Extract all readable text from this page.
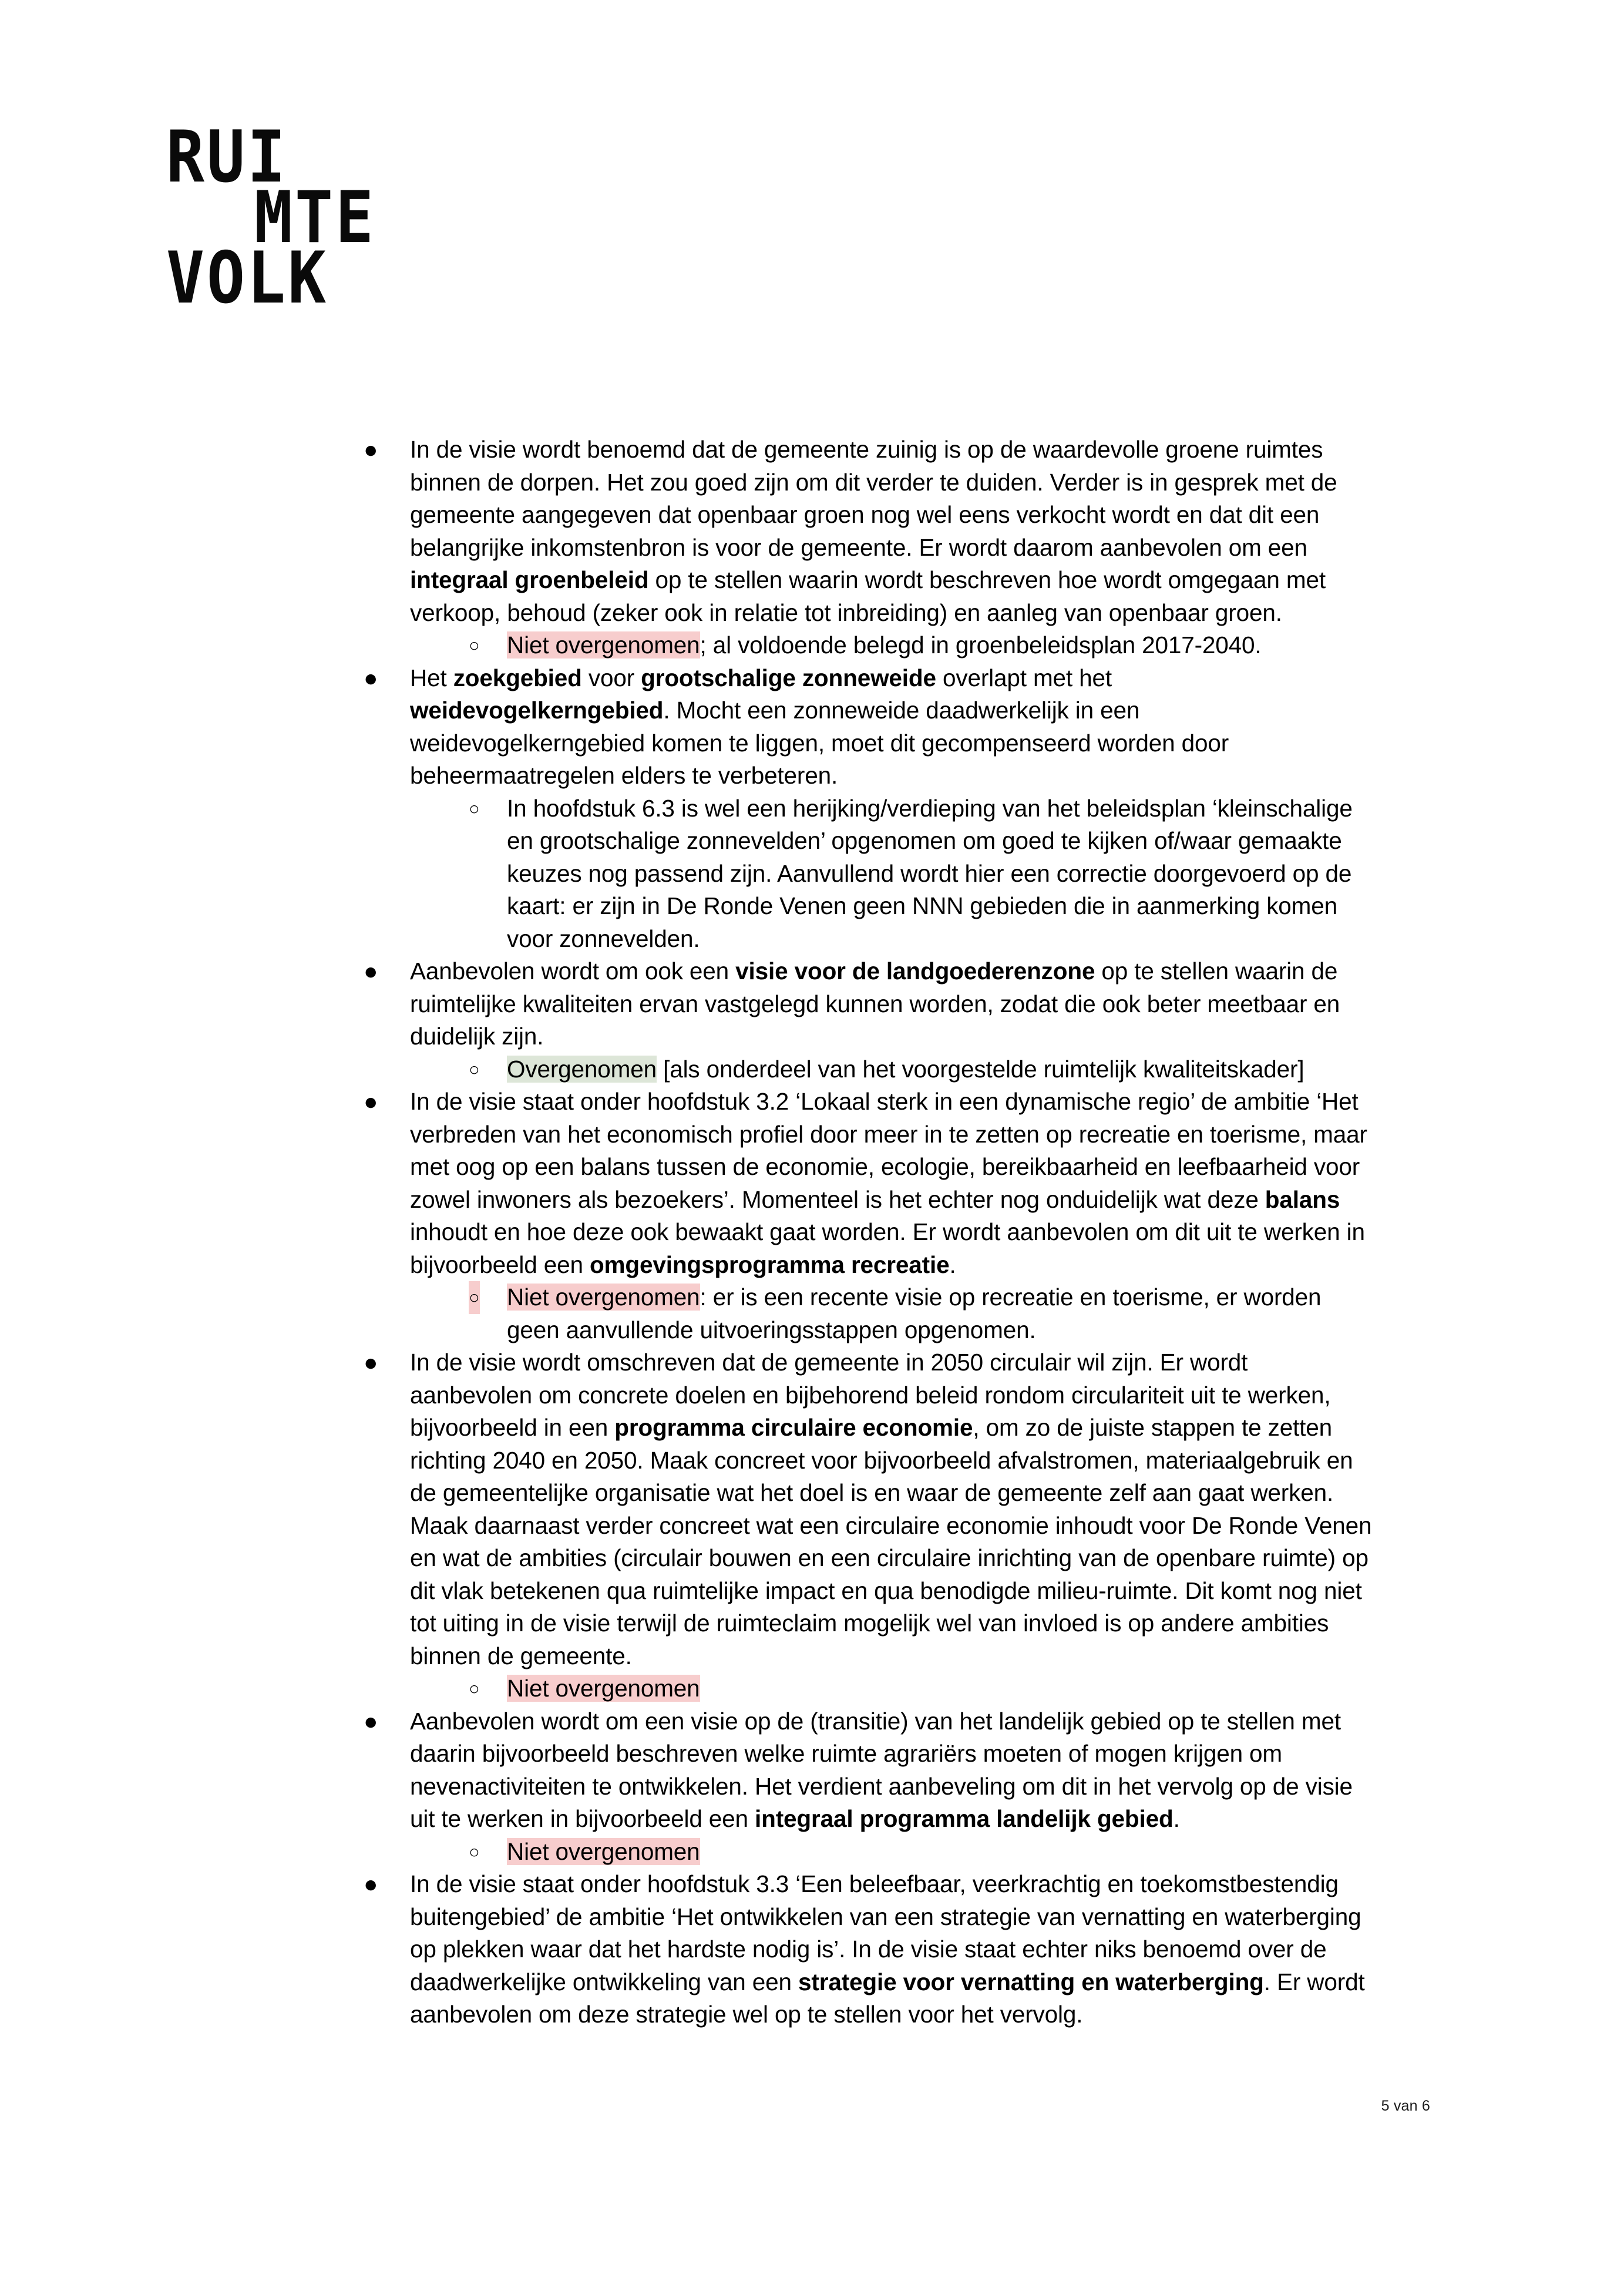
RUI
MTE
VOLK
● In de visie wordt benoemd dat de gemeente zuinig is op de waardevolle groene ruimtes binnen de dorpen. Het zou goed zijn om dit verder te duiden. Verder is in gesprek met de gemeente aangegeven dat openbaar groen nog wel eens verkocht wordt en dat dit een belangrijke inkomstenbron is voor de gemeente. Er wordt daarom aanbevolen om een integraal groenbeleid op te stellen waarin wordt beschreven hoe wordt omgegaan met verkoop, behoud (zeker ook in relatie tot inbreiding) en aanleg van openbaar groen.
○ Niet overgenomen; al voldoende belegd in groenbeleidsplan 2017-2040.
● Het zoekgebied voor grootschalige zonneweide overlapt met het weidevogelkerngebied. Mocht een zonneweide daadwerkelijk in een weidevogelkerngebied komen te liggen, moet dit gecompenseerd worden door beheermaatregelen elders te verbeteren.
○ In hoofdstuk 6.3 is wel een herijking/verdieping van het beleidsplan ‘kleinschalige en grootschalige zonnevelden’ opgenomen om goed te kijken of/waar gemaakte keuzes nog passend zijn. Aanvullend wordt hier een correctie doorgevoerd op de kaart: er zijn in De Ronde Venen geen NNN gebieden die in aanmerking komen voor zonnevelden.
● Aanbevolen wordt om ook een visie voor de landgoederenzone op te stellen waarin de ruimtelijke kwaliteiten ervan vastgelegd kunnen worden, zodat die ook beter meetbaar en duidelijk zijn.
○ Overgenomen [als onderdeel van het voorgestelde ruimtelijk kwaliteitskader]
● In de visie staat onder hoofdstuk 3.2 ‘Lokaal sterk in een dynamische regio’ de ambitie ‘Het verbreden van het economisch profiel door meer in te zetten op recreatie en toerisme, maar met oog op een balans tussen de economie, ecologie, bereikbaarheid en leefbaarheid voor zowel inwoners als bezoekers’. Momenteel is het echter nog onduidelijk wat deze balans inhoudt en hoe deze ook bewaakt gaat worden. Er wordt aanbevolen om dit uit te werken in bijvoorbeeld een omgevingsprogramma recreatie.
○ Niet overgenomen: er is een recente visie op recreatie en toerisme, er worden geen aanvullende uitvoeringsstappen opgenomen.
● In de visie wordt omschreven dat de gemeente in 2050 circulair wil zijn. Er wordt aanbevolen om concrete doelen en bijbehorend beleid rondom circulariteit uit te werken, bijvoorbeeld in een programma circulaire economie, om zo de juiste stappen te zetten richting 2040 en 2050. Maak concreet voor bijvoorbeeld afvalstromen, materiaalgebruik en de gemeentelijke organisatie wat het doel is en waar de gemeente zelf aan gaat werken. Maak daarnaast verder concreet wat een circulaire economie inhoudt voor De Ronde Venen en wat de ambities (circulair bouwen en een circulaire inrichting van de openbare ruimte) op dit vlak betekenen qua ruimtelijke impact en qua benodigde milieu-ruimte. Dit komt nog niet tot uiting in de visie terwijl de ruimteclaim mogelijk wel van invloed is op andere ambities binnen de gemeente.
○ Niet overgenomen
● Aanbevolen wordt om een visie op de (transitie) van het landelijk gebied op te stellen met daarin bijvoorbeeld beschreven welke ruimte agrariërs moeten of mogen krijgen om nevenactiviteiten te ontwikkelen. Het verdient aanbeveling om dit in het vervolg op de visie uit te werken in bijvoorbeeld een integraal programma landelijk gebied.
○ Niet overgenomen
● In de visie staat onder hoofdstuk 3.3 ‘Een beleefbaar, veerkrachtig en toekomstbestendig buitengebied’ de ambitie ‘Het ontwikkelen van een strategie van vernatting en waterberging op plekken waar dat het hardste nodig is’. In de visie staat echter niks benoemd over de daadwerkelijke ontwikkeling van een strategie voor vernatting en waterberging. Er wordt aanbevolen om deze strategie wel op te stellen voor het vervolg.
5 van 6
